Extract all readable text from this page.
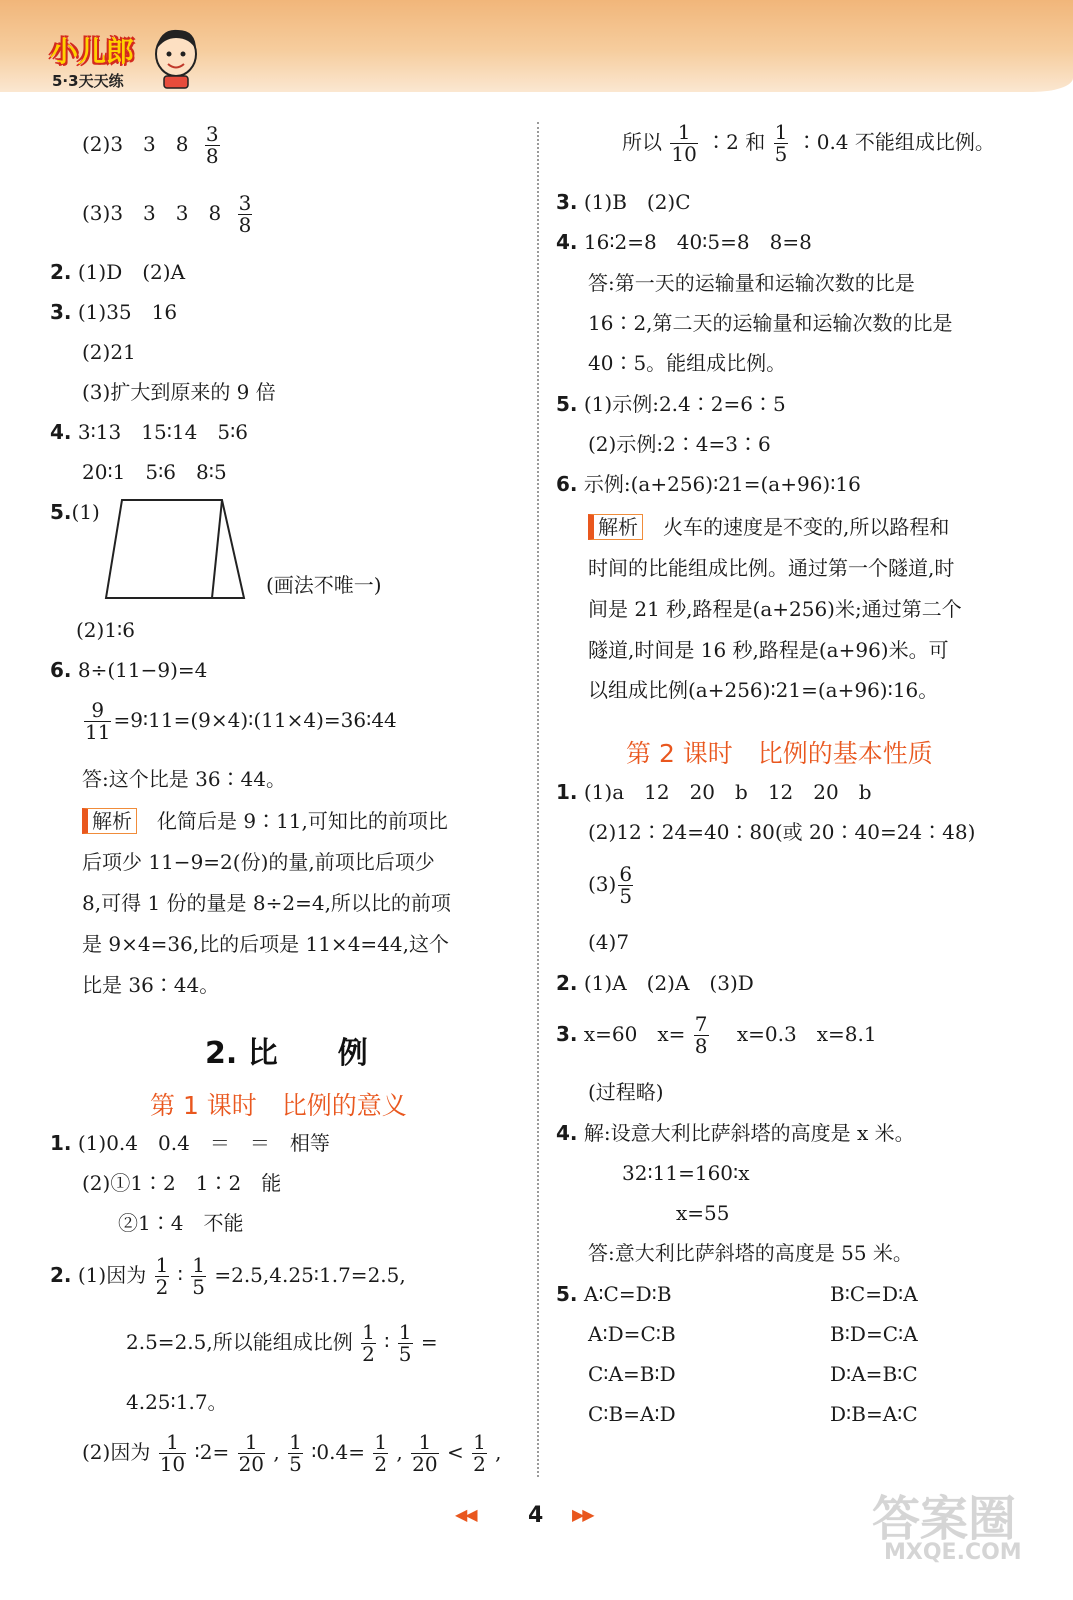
小儿郎
5·3天天练
(2)3　3　$8 \frac{3}{8}$
(3)3　3　3　$8 \frac{3}{8}$
2. (1)D　(2)A
3. (1)35　16
(2)21
(3)扩大到原来的 9 倍
4. 3∶13　15∶14　5∶6
20∶1　5∶6　8∶5
5.(1)
(画法不唯一)
(2)1∶6
6. 8÷(11−9)=4
$\frac{9}{11}$ =9∶11=(9×4)∶(11×4)=36∶44
答:这个比是 36∶44。
解析 化简后是 9∶11,可知比的前项比
后项少 11−9=2(份)的量,前项比后项少
8,可得 1 份的量是 8÷2=4,所以比的前项
是 9×4=36,比的后项是 11×4=44,这个
比是 36∶44。
2. 比　　例
第 1 课时　比例的意义
1. (1)0.4　0.4　＝　＝　相等
(2)①1∶2　1∶2　能
②1∶4　不能
2. (1)因为 $\frac{1}{2}$ ∶ $\frac{1}{5}$ =2.5,4.25∶1.7=2.5,
2.5=2.5,所以能组成比例 $\frac{1}{2}$ ∶ $\frac{1}{5}$ =
4.25∶1.7。
(2)因为 $\frac{1}{10}$ ∶2= $\frac{1}{20}$ , $\frac{1}{5}$ ∶0.4= $\frac{1}{2}$ , $\frac{1}{20} < \frac{1}{2}$ ,
所以 $\frac{1}{10}$ ∶2 和 $\frac{1}{5}$ ∶0.4 不能组成比例。
3. (1)B　(2)C
4. 16∶2=8　40∶5=8　8=8
答:第一天的运输量和运输次数的比是
16∶2,第二天的运输量和运输次数的比是
40∶5。能组成比例。
5. (1)示例:2.4∶2=6∶5
(2)示例:2∶4=3∶6
6. 示例:(a+256)∶21=(a+96)∶16
解析 火车的速度是不变的,所以路程和
时间的比能组成比例。通过第一个隧道,时
间是 21 秒,路程是(a+256)米;通过第二个
隧道,时间是 16 秒,路程是(a+96)米。可
以组成比例(a+256)∶21=(a+96)∶16。
第 2 课时　比例的基本性质
1. (1)a　12　20　b　12　20　b
(2)12∶24=40∶80(或 20∶40=24∶48)
$(3) \frac{6}{5}$
(4)7
2. (1)A　(2)A　(3)D
3. x=60　$x= \frac{7}{8}$ 　x=0.3　x=8.1
(过程略)
4. 解:设意大利比萨斜塔的高度是 x 米。
32∶11=160∶x
x=55
答:意大利比萨斜塔的高度是 55 米。
5. A∶C=D∶B	B∶C=D∶A
A∶D=C∶B	B∶D=C∶A
C∶A=B∶D	D∶A=B∶C
C∶B=A∶D	D∶B=A∶C
◀◀ 4 ▶▶	答案圈
MXQE.COM
